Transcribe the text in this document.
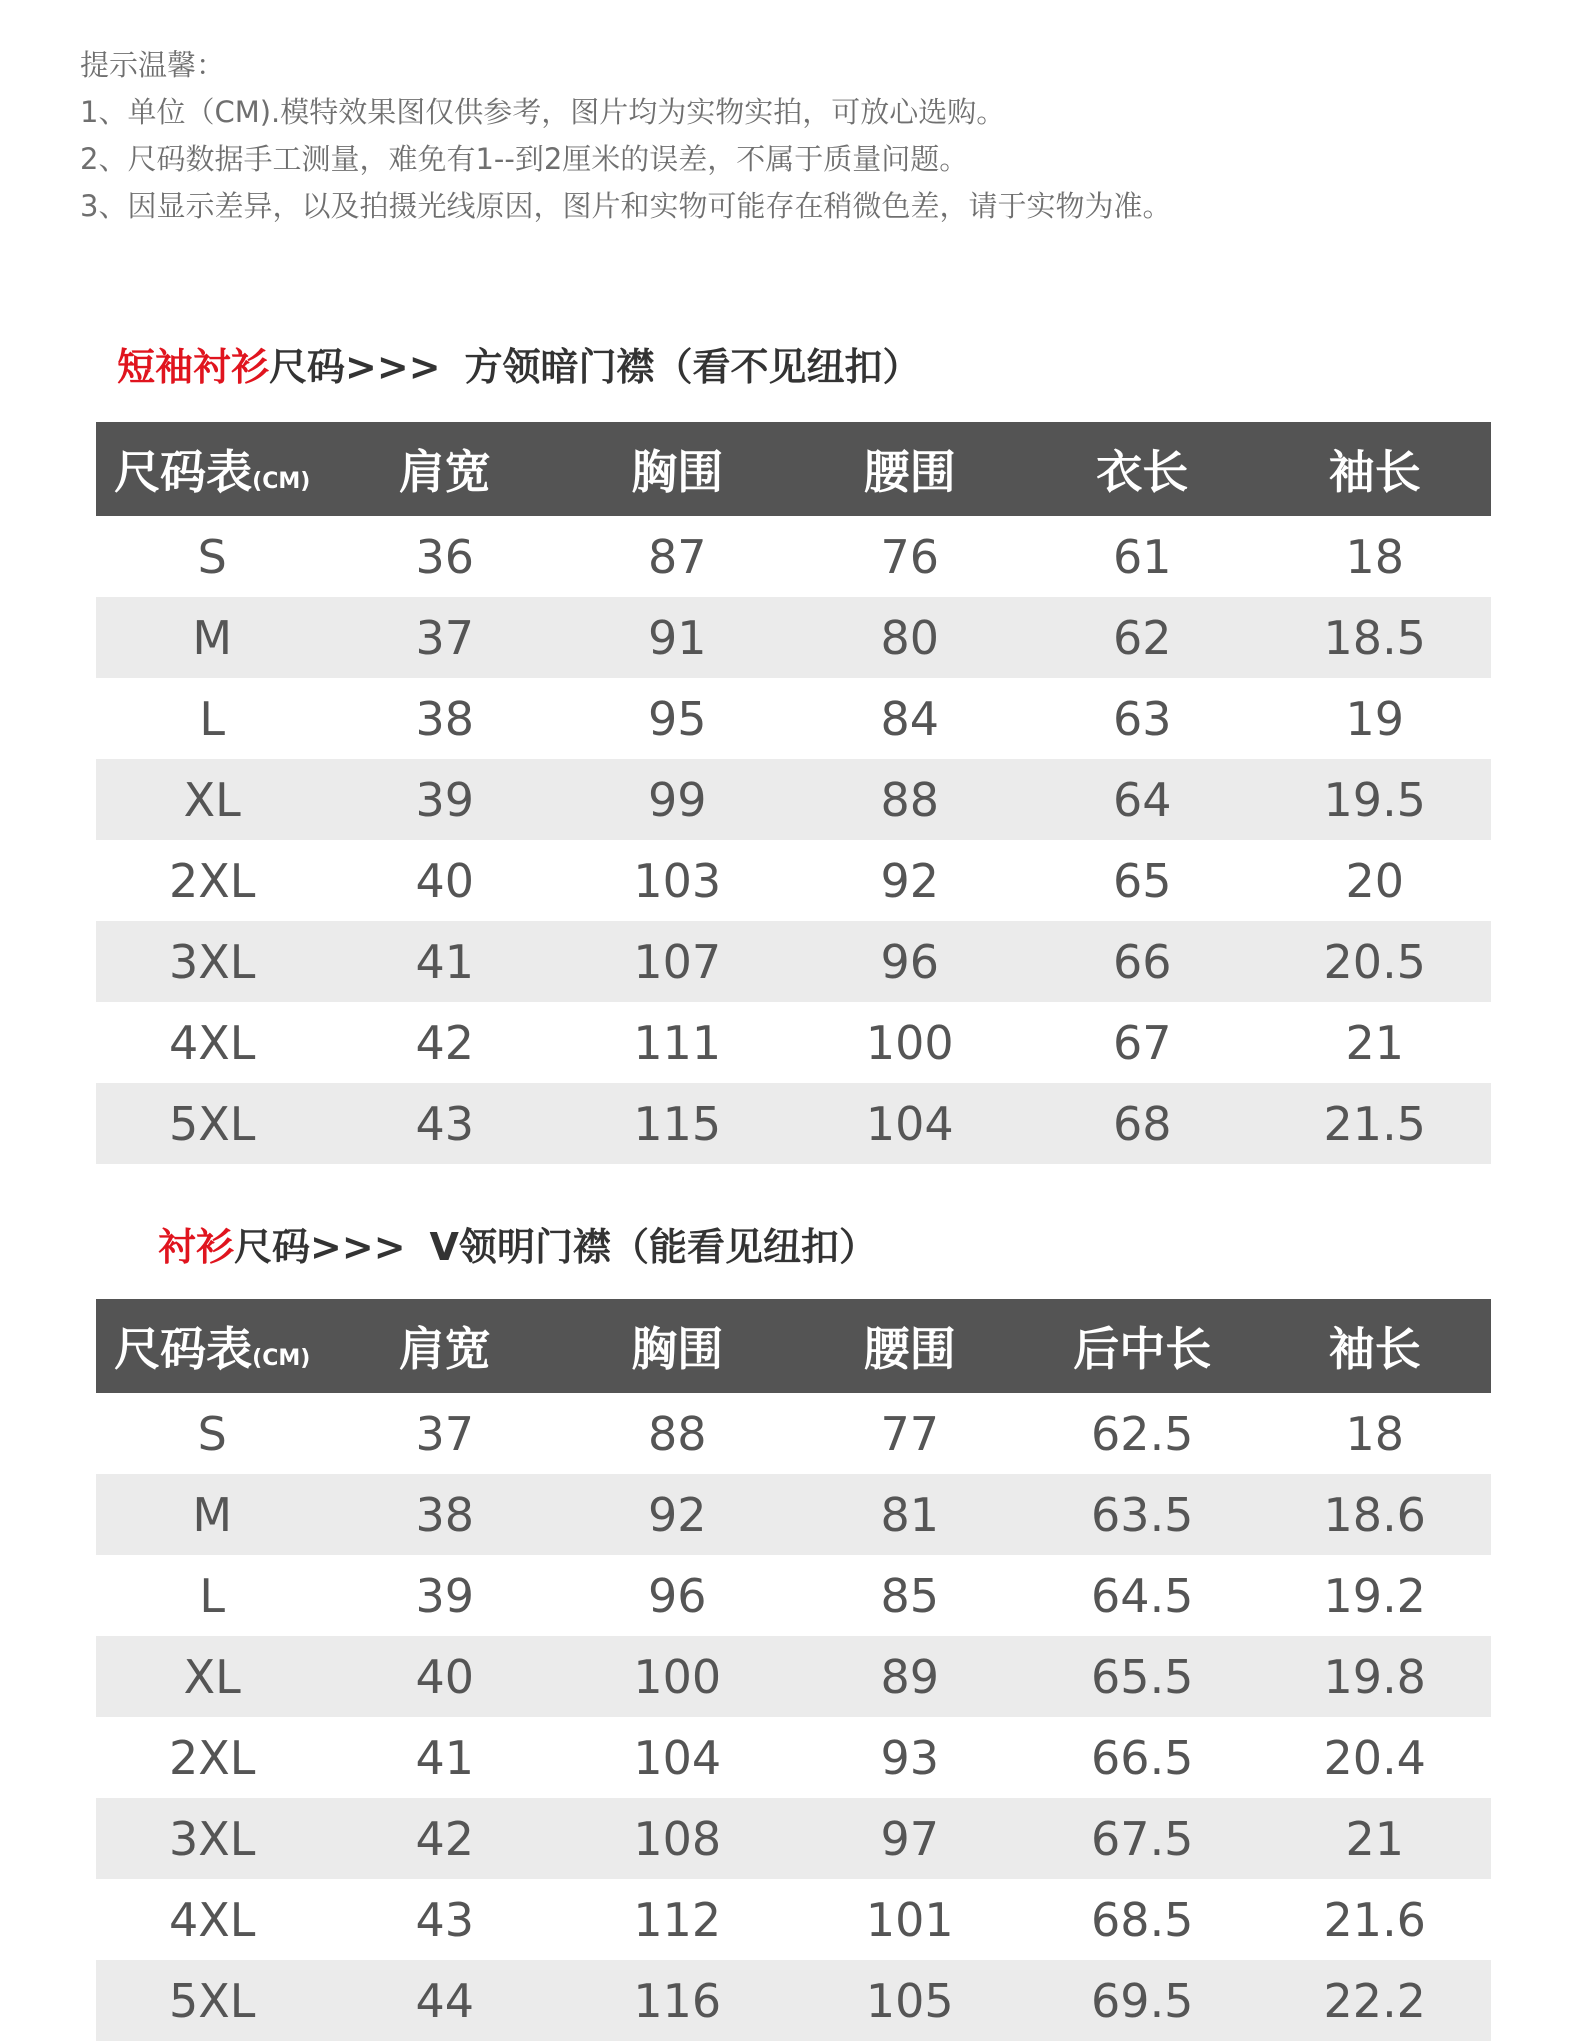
提示温馨：
1、单位（CM).模特效果图仅供参考，图片均为实物实拍，可放心选购。
2、尺码数据手工测量，难免有1--到2厘米的误差，不属于质量问题。
3、因显示差异，以及拍摄光线原因，图片和实物可能存在稍微色差，请于实物为准。
短袖衬衫尺码>>> 方领暗门襟（看不见纽扣）
尺码表(CM)	肩宽	胸围	腰围	衣长	袖长
S	36	87	76	61	18
M	37	91	80	62	18.5
L	38	95	84	63	19
XL	39	99	88	64	19.5
2XL	40	103	92	65	20
3XL	41	107	96	66	20.5
4XL	42	111	100	67	21
5XL	43	115	104	68	21.5
衬衫尺码>>> V领明门襟（能看见纽扣）
尺码表(CM)	肩宽	胸围	腰围	后中长	袖长
S	37	88	77	62.5	18
M	38	92	81	63.5	18.6
L	39	96	85	64.5	19.2
XL	40	100	89	65.5	19.8
2XL	41	104	93	66.5	20.4
3XL	42	108	97	67.5	21
4XL	43	112	101	68.5	21.6
5XL	44	116	105	69.5	22.2
